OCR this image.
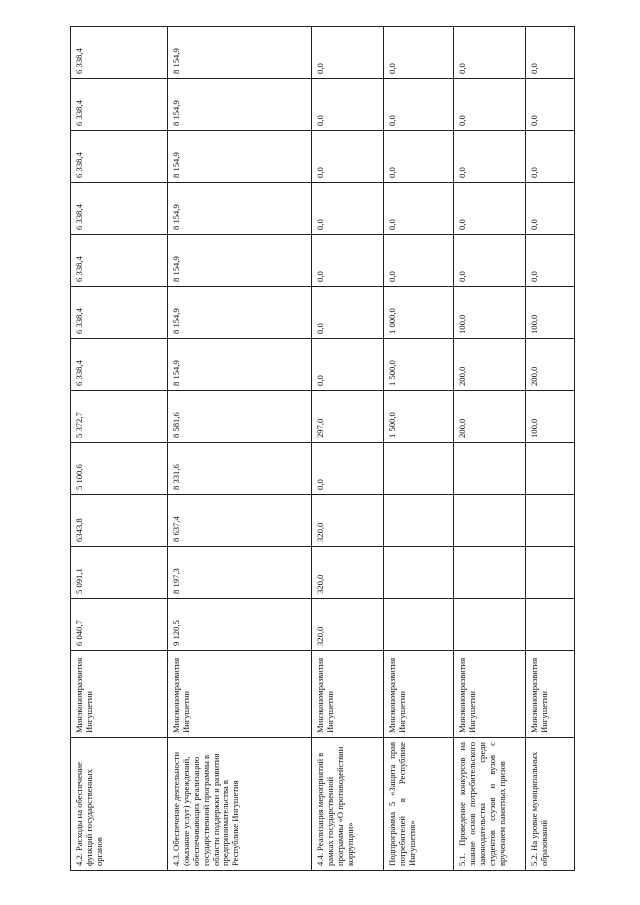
4.2. Расходы на обеспечение функций государственных органов	Минэкономразвития Ингушетии	6 040,7	5 091,1	6343,8	5 100,6	5 372,7	6 338,4	6 338,4	6 338,4	6 338,4	6 338,4	6 338,4	6 338,4
4.3. Обеспечение деятельности (оказание услуг) учреждений, обеспечивающих реализацию государственной программы в области поддержки и развития предпринимательства в Республике Ингушетия	Минэкономразвития Ингушетии	9 120,5	8 197,3	8 637,4	8 331,6	8 581,6	8 154,9	8 154,9	8 154,9	8 154,9	8 154,9	8 154,9	8 154,9
4.4. Реализация мероприятий в рамках государственной программы «О противодействии коррупции»	Минэкономразвития Ингушетии	320,0	320,0	320,0	0,0	297,0	0,0	0,0	0,0	0,0	0,0	0,0	0,0
Подпрограмма 5 «Защита прав потребителей в Республике Ингушетия»	Минэкономразвития Ингушетии					1 500,0	1 500,0	1 000,0	0,0	0,0	0,0	0,0	0,0
5.1. Проведение конкурсов на знание основ потребительского законодательства среди студентов ссузов и вузов с вручением памятных призов	Минэкономразвития Ингушетии					200,0	200,0	100,0	0,0	0,0	0,0	0,0	0,0
5.2. На уровне муниципальных образований	Минэкономразвития Ингушетии					100,0	200,0	100,0	0,0	0,0	0,0	0,0	0,0
